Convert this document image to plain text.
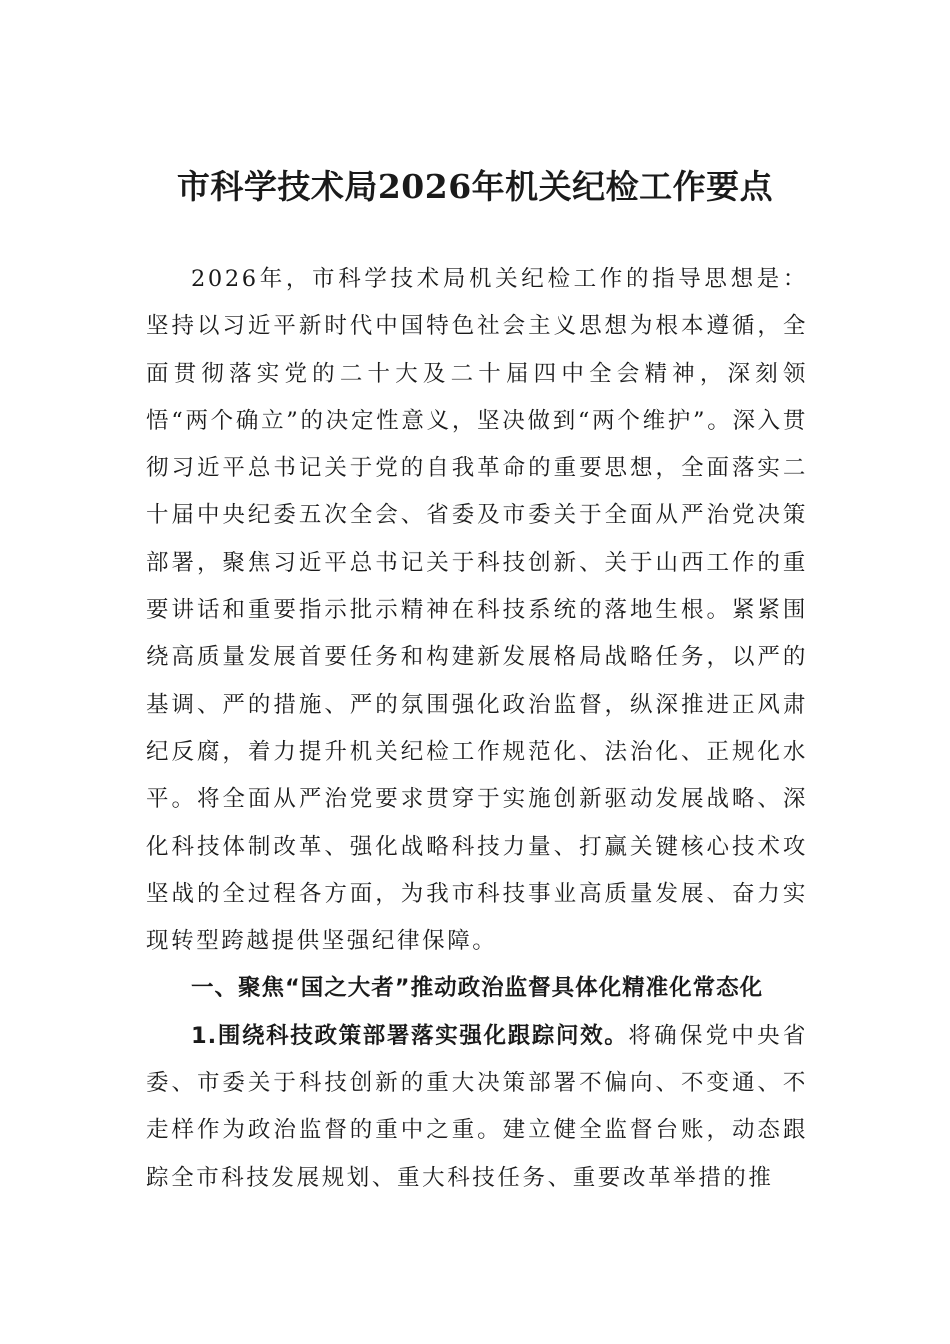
市科学技术局2026年机关纪检工作要点

2026年，市科学技术局机关纪检工作的指导思想是：坚持以习近平新时代中国特色社会主义思想为根本遵循，全面贯彻落实党的二十大及二十届四中全会精神，深刻领悟“两个确立”的决定性意义，坚决做到“两个维护”。深入贯彻习近平总书记关于党的自我革命的重要思想，全面落实二十届中央纪委五次全会、省委及市委关于全面从严治党决策部署，聚焦习近平总书记关于科技创新、关于山西工作的重要讲话和重要指示批示精神在科技系统的落地生根。紧紧围绕高质量发展首要任务和构建新发展格局战略任务，以严的基调、严的措施、严的氛围强化政治监督，纵深推进正风肃纪反腐，着力提升机关纪检工作规范化、法治化、正规化水平。将全面从严治党要求贯穿于实施创新驱动发展战略、深化科技体制改革、强化战略科技力量、打赢关键核心技术攻坚战的全过程各方面，为我市科技事业高质量发展、奋力实现转型跨越提供坚强纪律保障。

一、聚焦“国之大者”推动政治监督具体化精准化常态化

1.围绕科技政策部署落实强化跟踪问效。将确保党中央省委、市委关于科技创新的重大决策部署不偏向、不变通、不走样作为政治监督的重中之重。建立健全监督台账，动态跟踪全市科技发展规划、重大科技任务、重要改革举措的推
